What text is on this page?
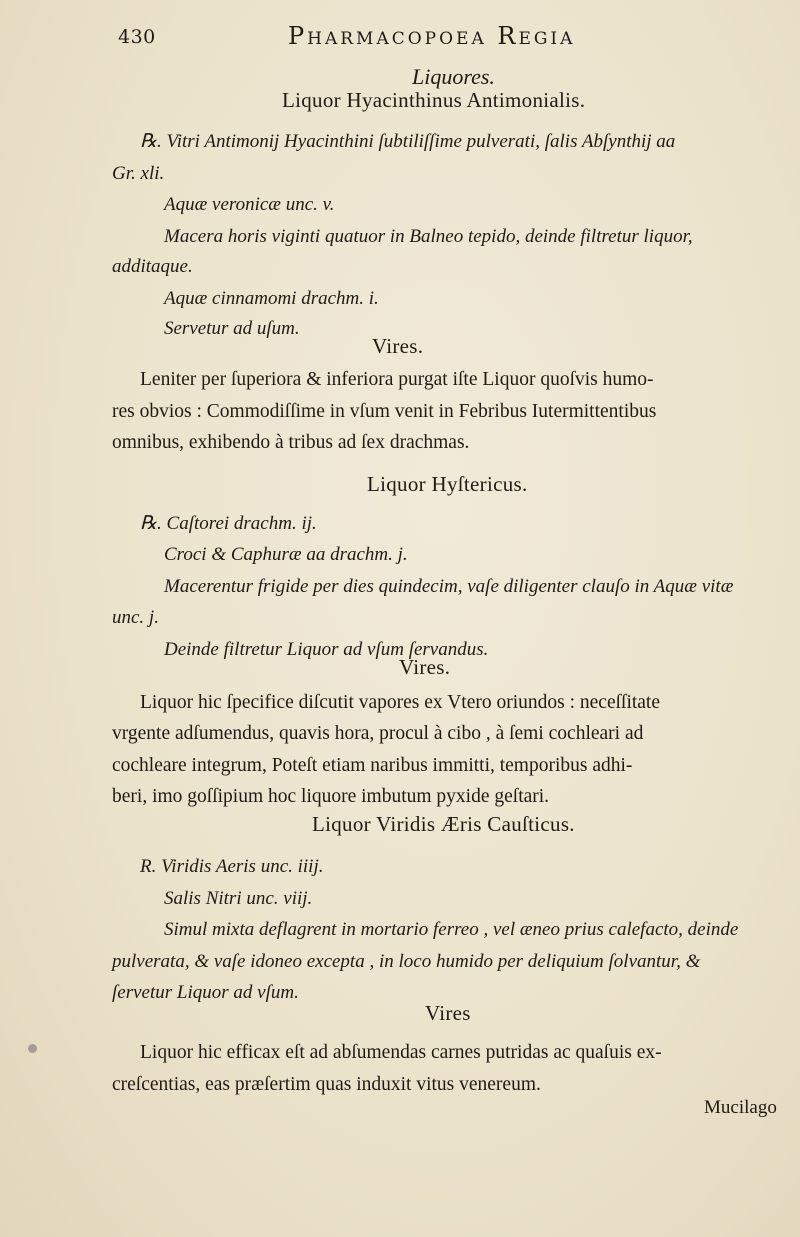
430	Pharmacopoea Regia
Liquores.
Liquor Hyacinthinus Antimonialis.
℞. Vitri Antimonij Hyacinthini ſubtiliſſime pulverati, ſalis Abſynthij aa
Gr. xli.
Aquæ veronicæ unc. v.
Macera horis viginti quatuor in Balneo tepido, deinde filtretur liquor,
additaque.
Aquæ cinnamomi drachm. i.
Servetur ad uſum.
Vires.
Leniter per ſuperiora & inferiora purgat iſte Liquor quoſvis humo-
res obvios : Commodiſſime in vſum venit in Febribus Iutermittentibus
omnibus, exhibendo à tribus ad ſex drachmas.
Liquor Hyſtericus.
℞. Caſtorei drachm. ij.
Croci & Caphuræ aa drachm. j.
Macerentur frigide per dies quindecim, vaſe diligenter clauſo in Aquæ vitæ
unc. j.
Deinde filtretur Liquor ad vſum ſervandus.
Vires.
Liquor hic ſpecifice diſcutit vapores ex Vtero oriundos : neceſſitate
vrgente adſumendus, quavis hora, procul à cibo , à ſemi cochleari ad
cochleare integrum, Poteſt etiam naribus immitti, temporibus adhi-
beri, imo goſſipium hoc liquore imbutum pyxide geſtari.
Liquor Viridis Æris Cauſticus.
R. Viridis Aeris unc. iiij.
Salis Nitri unc. viij.
Simul mixta deflagrent in mortario ferreo , vel æneo prius calefacto, deinde
pulverata, & vaſe idoneo excepta , in loco humido per deliquium ſolvantur, &
ſervetur Liquor ad vſum.
Vires
Liquor hic efficax eſt ad abſumendas carnes putridas ac quaſuis ex-
creſcentias, eas præſertim quas induxit vitus venereum.
Mucilago
